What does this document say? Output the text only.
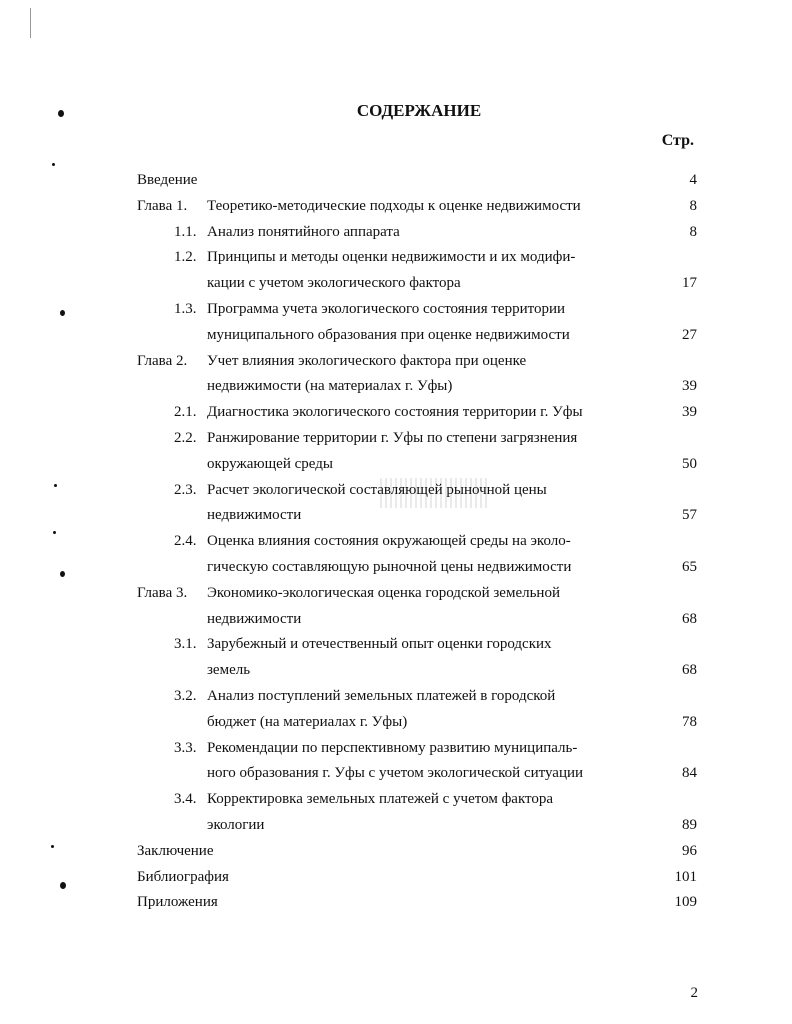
СОДЕРЖАНИЕ
Стр.
Введение	4
Глава 1. Теоретико-методические подходы к оценке недвижимости	8
1.1. Анализ понятийного аппарата	8
1.2. Принципы и методы оценки недвижимости и их модифи-
кации с учетом экологического фактора	17
1.3. Программа учета экологического состояния территории
муниципального образования при оценке недвижимости	27
Глава 2. Учет влияния экологического фактора при оценке
недвижимости (на материалах г. Уфы)	39
2.1. Диагностика экологического состояния территории г. Уфы	39
2.2. Ранжирование территории г. Уфы по степени загрязнения
окружающей среды	50
2.3. Расчет экологической составляющей рыночной цены
недвижимости	57
2.4. Оценка влияния состояния окружающей среды на эколо-
гическую составляющую рыночной цены недвижимости	65
Глава 3. Экономико-экологическая оценка городской земельной
недвижимости	68
3.1. Зарубежный и отечественный опыт оценки городских
земель	68
3.2. Анализ поступлений земельных платежей в городской
бюджет (на материалах г. Уфы)	78
3.3. Рекомендации по перспективному развитию муниципаль-
ного образования г. Уфы с учетом экологической ситуации	84
3.4. Корректировка земельных платежей с учетом фактора
экологии	89
Заключение	96
Библиография	101
Приложения	109
2
